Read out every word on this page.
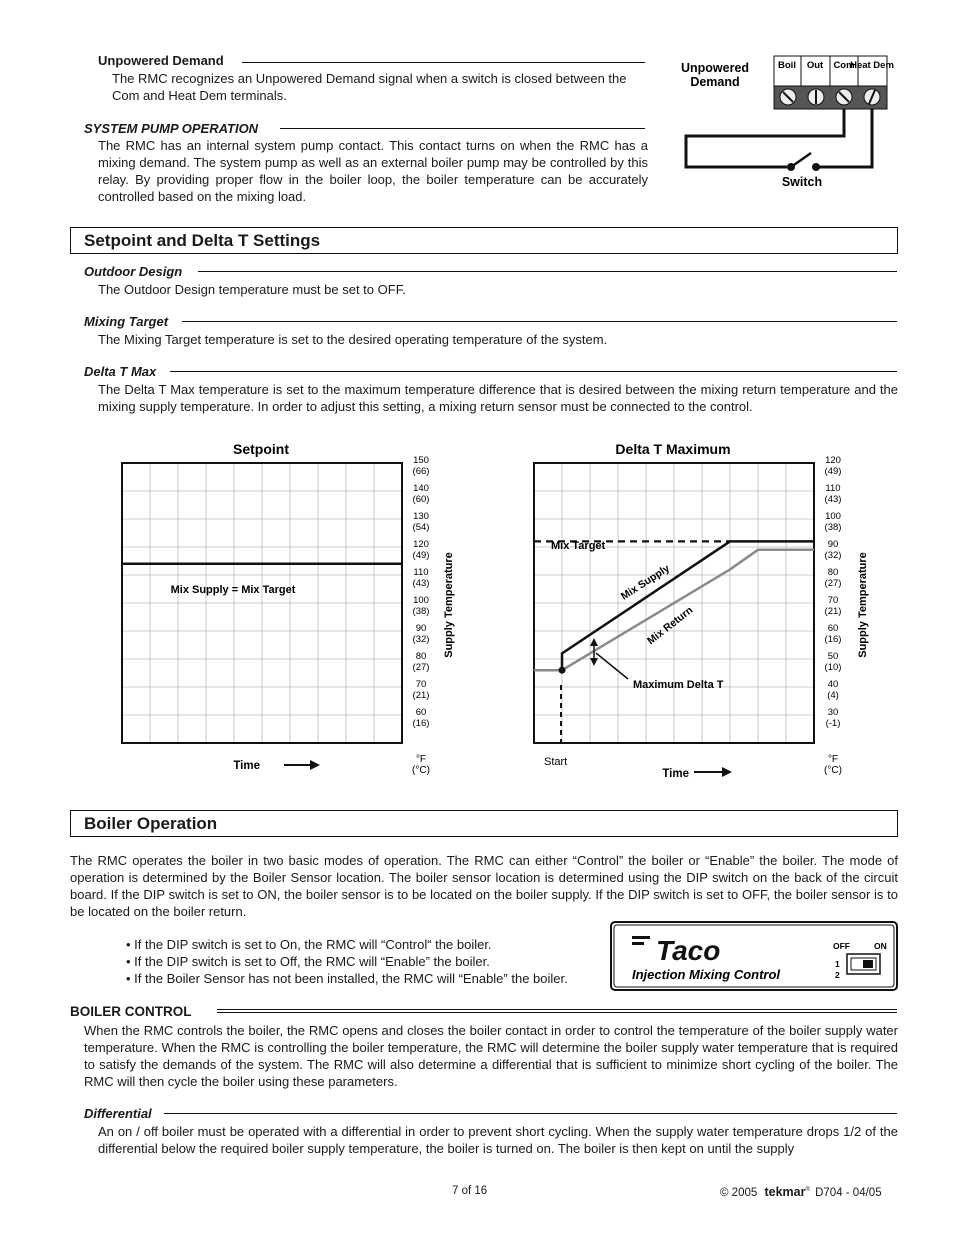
Unpowered Demand

The RMC recognizes an Unpowered Demand signal when a switch is closed between the Com and Heat Dem terminals.

SYSTEM PUMP OPERATION

The RMC has an internal system pump contact. This contact turns on when the RMC has a mixing demand. The system pump as well as an external boiler pump may be controlled by this relay. By providing proper flow in the boiler loop, the boiler temperature can be accurately controlled based on the mixing load.

Unpowered
Demand
Boil Out Com
Heat Dem
Switch
Setpoint and Delta T Settings
Outdoor Design

The Outdoor Design temperature must be set to OFF.

Mixing Target

The Mixing Target temperature is set to the desired operating temperature of the system.

Delta T Max

The Delta T Max temperature is set to the maximum temperature difference that is desired between the mixing return temperature and the mixing supply temperature. In order to adjust this setting, a mixing return sensor must be connected to the control.

Setpoint
150
(66)
140
(60)
130
(54)
120
(49)
110
(43)
100
(38)
90
(32)
80
(27)
70
(21)
60
(16)
Mix Supply = Mix Target	Supply Temperature
Time
°F
(°C)
Delta T Maximum
120
(49)
110
(43)
100
(38)
90
(32)
80
(27)
70
(21)
60
(16)
50
(10)
40
(4)
30
(-1)
Mix Target
Mix Supply
Mix Return
Maximum Delta T
Start
Time
Supply Temperature
°F
(°C)
Boiler Operation

The RMC operates the boiler in two basic modes of operation. The RMC can either “Control” the boiler or “Enable” the boiler. The mode of operation is determined by the Boiler Sensor location. The boiler sensor location is determined using the DIP switch on the back of the circuit board. If the DIP switch is set to ON, the boiler sensor is to be located on the boiler supply. If the DIP switch is set to OFF, the boiler sensor is to be located on the boiler return.

• If the DIP switch is set to On, the RMC will “Control“ the boiler.
• If the DIP switch is set to Off, the RMC will “Enable” the boiler.
• If the Boiler Sensor has not been installed, the RMC will “Enable” the boiler.
Taco
Injection Mixing Control
OFF	ON
1
2
BOILER CONTROL

When the RMC controls the boiler, the RMC opens and closes the boiler contact in order to control the temperature of the boiler supply water temperature. When the RMC is controlling the boiler temperature, the RMC will determine the boiler supply water temperature that is required to satisfy the demands of the system. The RMC will also determine a differential that is sufficient to minimize short cycling of the boiler. The RMC will then cycle the boiler using these parameters.

Differential

An on / off boiler must be operated with a differential in order to prevent short cycling. When the supply water temperature drops 1/2 of the differential below the required boiler supply temperature, the boiler is turned on. The boiler is then kept on until the supply

7 of 16	© 2005 tekmar® D704 - 04/05
